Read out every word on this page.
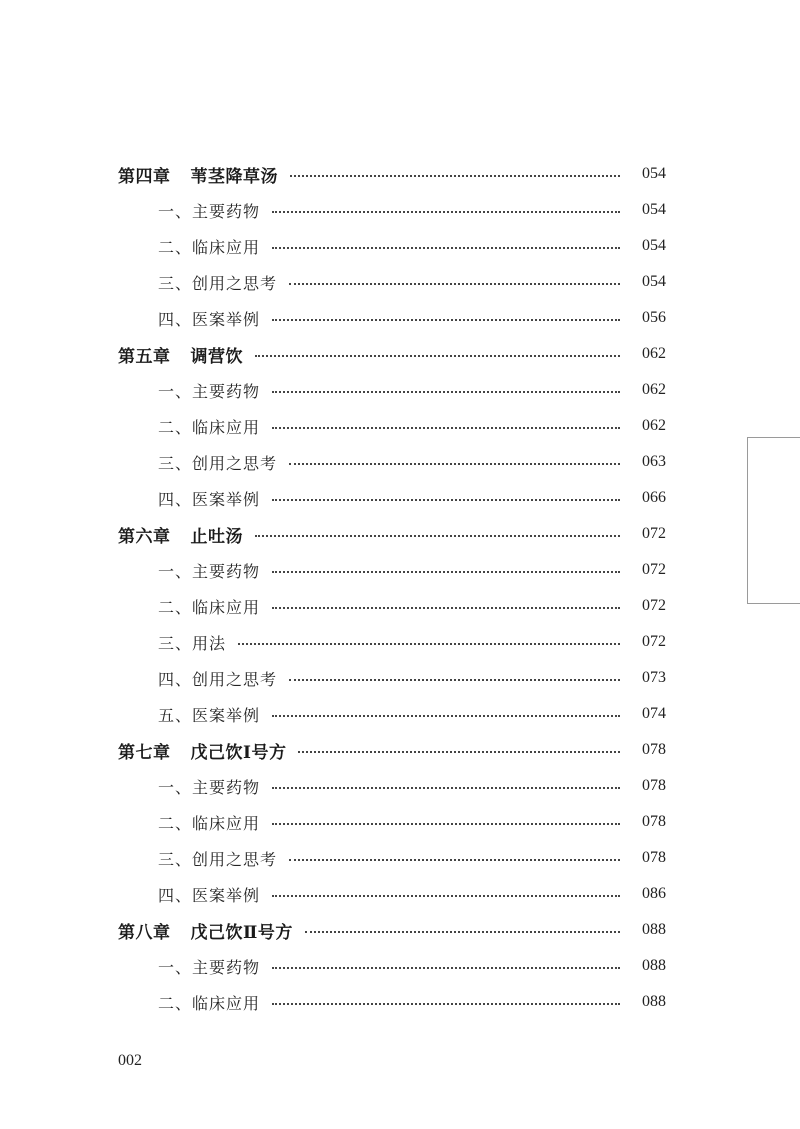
第四章 苇茎降草汤	054
一、 主要药物	054
二、 临床应用	054
三、 创用之思考	054
四、 医案举例	056
第五章 调营饮	062
一、 主要药物	062
二、 临床应用	062
三、 创用之思考	063
四、 医案举例	066
第六章 止吐汤	072
一、 主要药物	072
二、 临床应用	072
三、 用法	072
四、 创用之思考	073
五、 医案举例	074
第七章 戊己饮Ⅰ号方	078
一、 主要药物	078
二、 临床应用	078
三、 创用之思考	078
四、 医案举例	086
第八章 戊己饮Ⅱ号方	088
一、 主要药物	088
二、 临床应用	088
002
